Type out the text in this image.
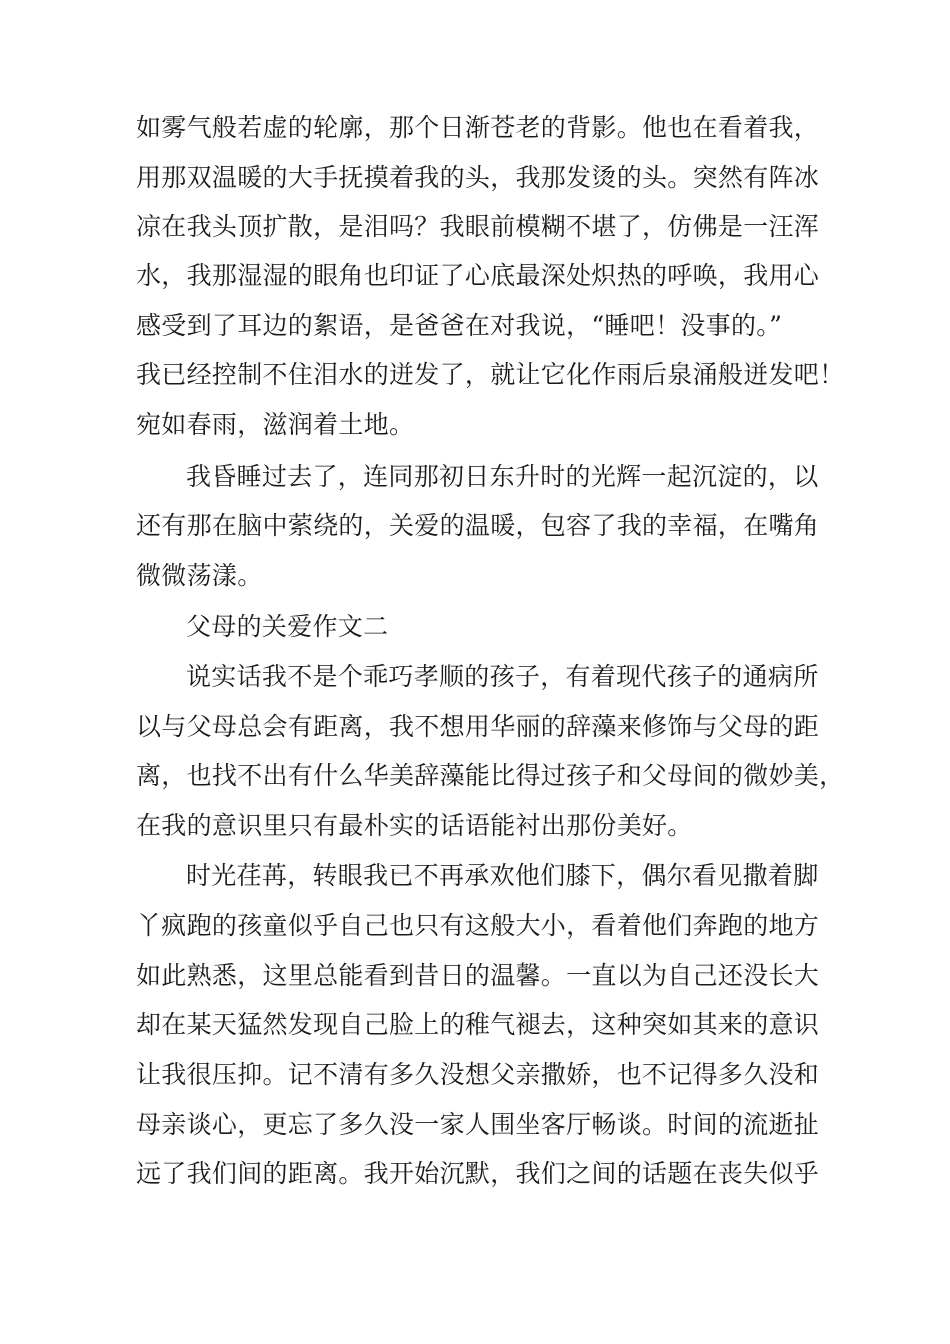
如雾气般若虚的轮廓，那个日渐苍老的背影。他也在看着我，
用那双温暖的大手抚摸着我的头，我那发烫的头。突然有阵冰
凉在我头顶扩散，是泪吗？我眼前模糊不堪了，仿佛是一汪浑
水，我那湿湿的眼角也印证了心底最深处炽热的呼唤，我用心
感受到了耳边的絮语，是爸爸在对我说，“睡吧！没事的。”
我已经控制不住泪水的迸发了，就让它化作雨后泉涌般迸发吧！
宛如春雨，滋润着土地。
我昏睡过去了，连同那初日东升时的光辉一起沉淀的，以
还有那在脑中萦绕的，关爱的温暖，包容了我的幸福，在嘴角
微微荡漾。
父母的关爱作文二
说实话我不是个乖巧孝顺的孩子，有着现代孩子的通病所
以与父母总会有距离，我不想用华丽的辞藻来修饰与父母的距
离，也找不出有什么华美辞藻能比得过孩子和父母间的微妙美，
在我的意识里只有最朴实的话语能衬出那份美好。
时光荏苒，转眼我已不再承欢他们膝下，偶尔看见撒着脚
丫疯跑的孩童似乎自己也只有这般大小，看着他们奔跑的地方
如此熟悉，这里总能看到昔日的温馨。一直以为自己还没长大
却在某天猛然发现自己脸上的稚气褪去，这种突如其来的意识
让我很压抑。记不清有多久没想父亲撒娇，也不记得多久没和
母亲谈心，更忘了多久没一家人围坐客厅畅谈。时间的流逝扯
远了我们间的距离。我开始沉默，我们之间的话题在丧失似乎
